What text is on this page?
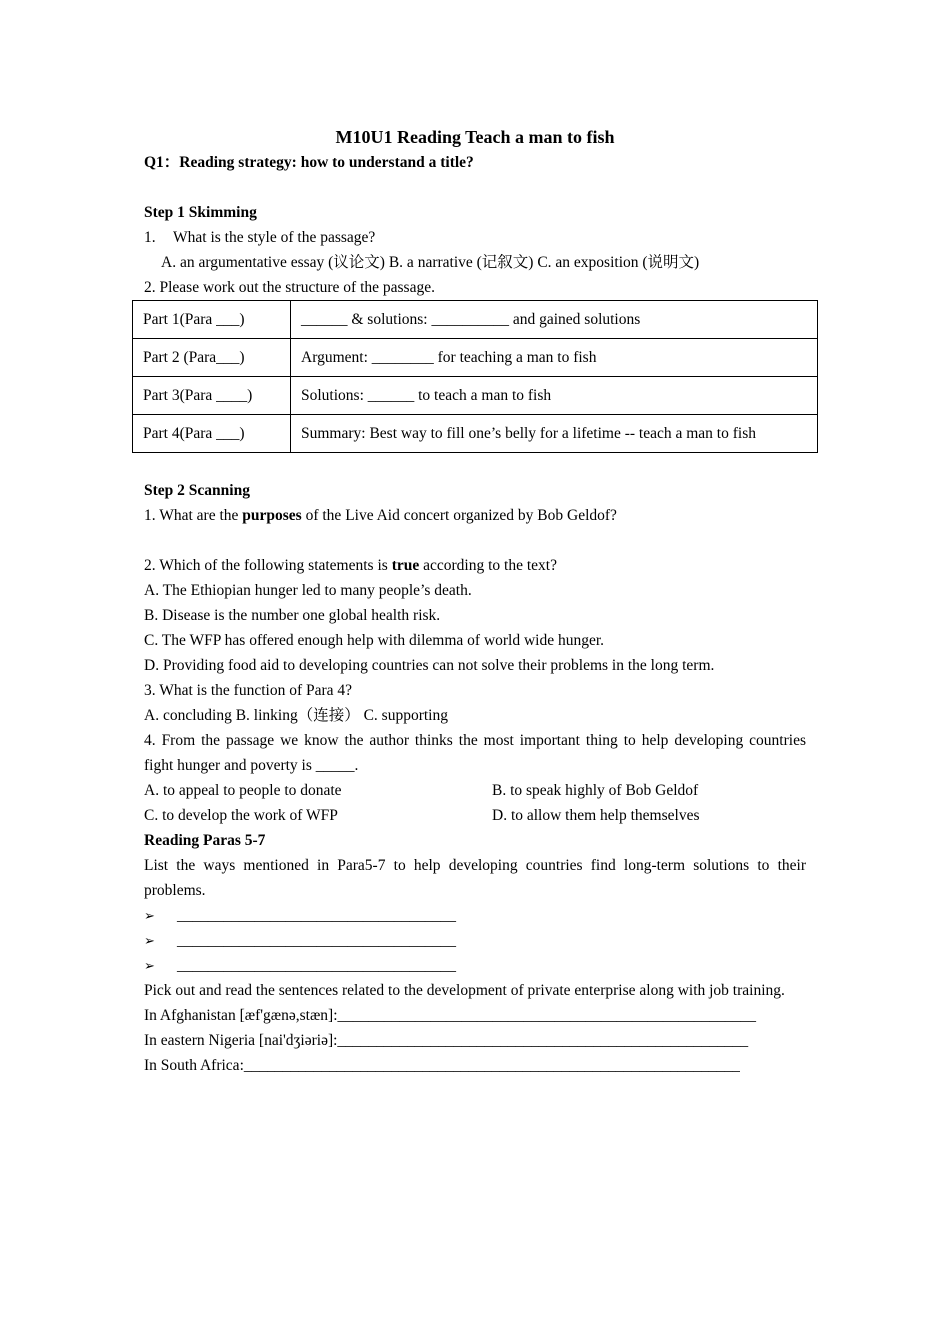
M10U1 Reading Teach a man to fish
Q1：Reading strategy: how to understand a title?
Step 1 Skimming
1. What is the style of the passage?
A. an argumentative essay (议论文) B. a narrative (记叙文) C. an exposition (说明文)
2. Please work out the structure of the passage.
Part 1(Para ___)	______ & solutions: __________ and gained solutions
Part 2 (Para___)	Argument: ________ for teaching a man to fish
Part 3(Para ____)	Solutions: ______ to teach a man to fish
Part 4(Para ___)	Summary: Best way to fill one’s belly for a lifetime -- teach a man to fish
Step 2 Scanning
1. What are the purposes of the Live Aid concert organized by Bob Geldof?
2. Which of the following statements is true according to the text?
A. The Ethiopian hunger led to many people’s death.
B. Disease is the number one global health risk.
C. The WFP has offered enough help with dilemma of world wide hunger.
D. Providing food aid to developing countries can not solve their problems in the long term.
3. What is the function of Para 4?
A. concluding B. linking（连接） C. supporting
4. From the passage we know the author thinks the most important thing to help developing countries fight hunger and poverty is _____.
A. to appeal to people to donate	B. to speak highly of Bob Geldof
C. to develop the work of WFP	D. to allow them help themselves
Reading Paras 5-7
List the ways mentioned in Para5-7 to help developing countries find long-term solutions to their problems.
➢	____________________________________
➢	____________________________________
➢	____________________________________
Pick out and read the sentences related to the development of private enterprise along with job training.
In Afghanistan [æf'gænə,stæn]:______________________________________________________
In eastern Nigeria [nai'dʒiəriə]:_____________________________________________________
In South Africa:________________________________________________________________
